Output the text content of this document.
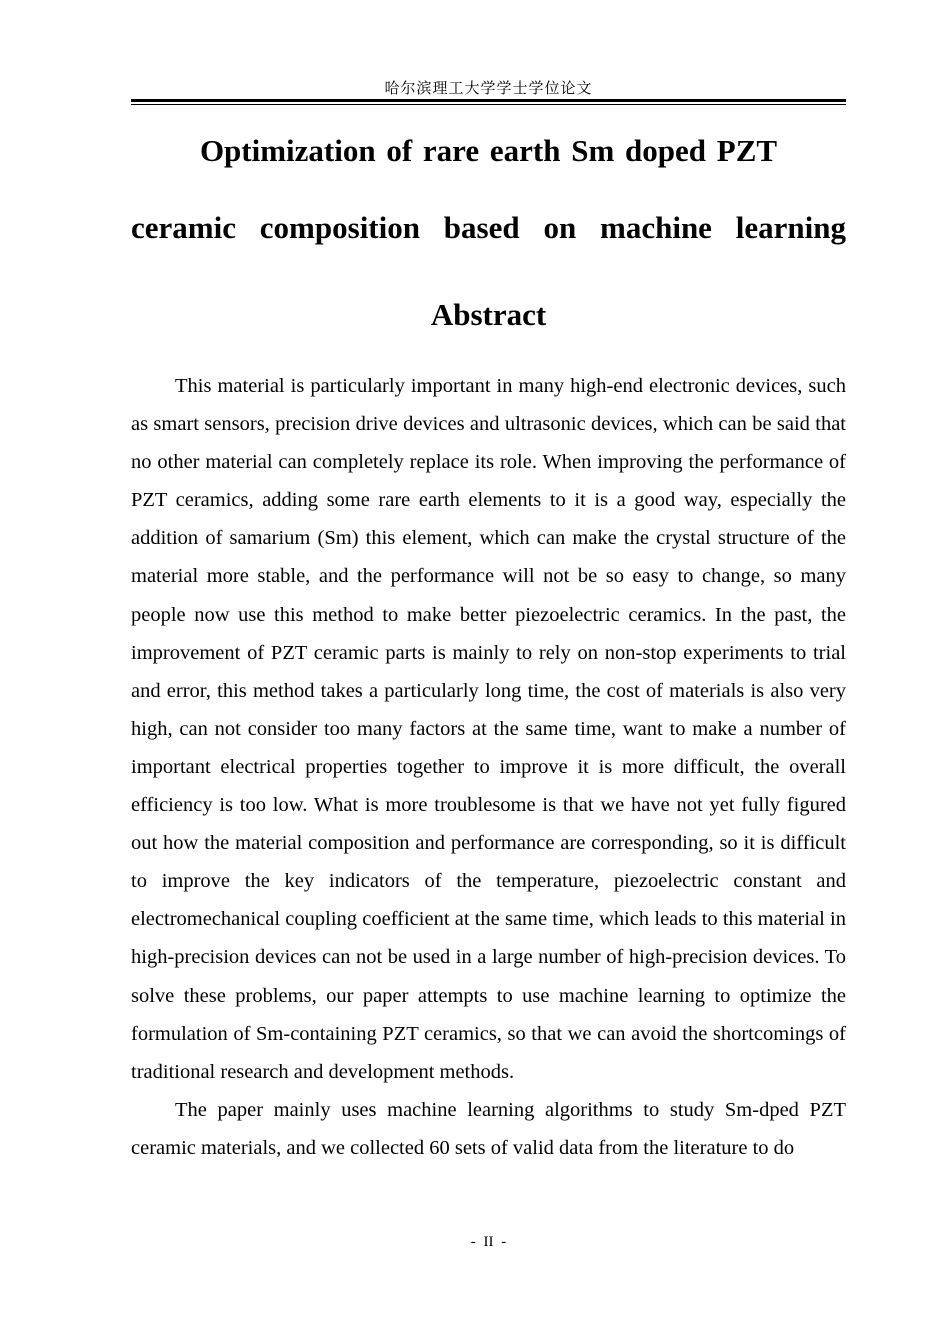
哈尔滨理工大学学士学位论文
Optimization of rare earth Sm doped PZT
ceramic composition based on machine learning
Abstract

This material is particularly important in many high-end electronic devices, such as smart sensors, precision drive devices and ultrasonic devices, which can be said that no other material can completely replace its role. When improving the performance of PZT ceramics, adding some rare earth elements to it is a good way, especially the addition of samarium (Sm) this element, which can make the crystal structure of the material more stable, and the performance will not be so easy to change, so many people now use this method to make better piezoelectric ceramics. In the past, the improvement of PZT ceramic parts is mainly to rely on non-stop experiments to trial and error, this method takes a particularly long time, the cost of materials is also very high, can not consider too many factors at the same time, want to make a number of important electrical properties together to improve it is more difficult, the overall efficiency is too low. What is more troublesome is that we have not yet fully figured out how the material composition and performance are corresponding, so it is difficult to improve the key indicators of the temperature, piezoelectric constant and electromechanical coupling coefficient at the same time, which leads to this material in high-precision devices can not be used in a large number of high-precision devices. To solve these problems, our paper attempts to use machine learning to optimize the formulation of Sm-containing PZT ceramics, so that we can avoid the shortcomings of traditional research and development methods.

The paper mainly uses machine learning algorithms to study Sm-dped PZT ceramic materials, and we collected 60 sets of valid data from the literature to do

- II -
